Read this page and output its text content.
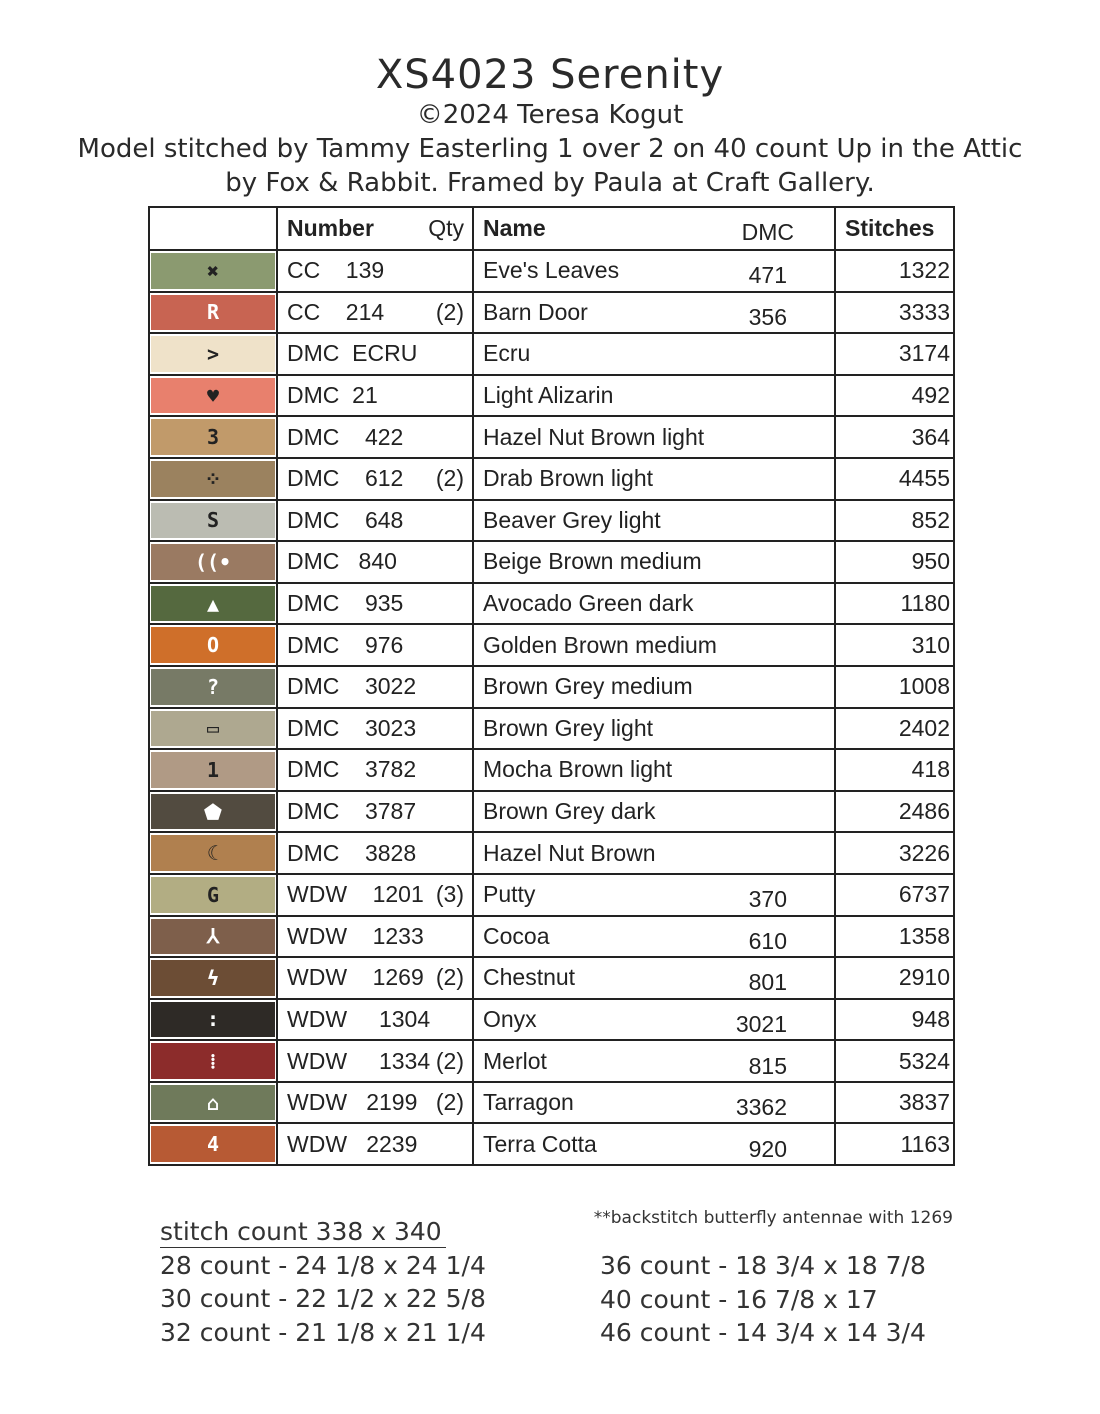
XS4023 Serenity
©2024 Teresa Kogut
Model stitched by Tammy Easterling 1 over 2 on 40 count Up in the Attic
by Fox & Rabbit. Framed by Paula at Craft Gallery.

	Number Qty	Name DMC	Stitches

✖	CC    139	Eve's Leaves 471	1322

R	CC    214 (2)	Barn Door 356	3333

>	DMC  ECRU	Ecru	3174

♥	DMC  21	Light Alizarin	492

3	DMC    422	Hazel Nut Brown light	364

⁘	DMC    612 (2)	Drab Brown light	4455

S	DMC    648	Beaver Grey light	852

((•	DMC   840	Beige Brown medium	950

▲	DMC    935	Avocado Green dark	1180

O	DMC    976	Golden Brown medium	310

?	DMC    3022	Brown Grey medium	1008

▭	DMC    3023	Brown Grey light	2402

1	DMC    3782	Mocha Brown light	418

⬟	DMC    3787	Brown Grey dark	2486

☾	DMC    3828	Hazel Nut Brown	3226

G	WDW    1201 (3)	Putty 370	6737

⅄	WDW    1233	Cocoa 610	1358

ϟ	WDW    1269 (2)	Chestnut 801	2910

:	WDW     1304	Onyx 3021	948

⁞	WDW     1334 (2)	Merlot 815	5324

⌂	WDW   2199 (2)	Tarragon 3362	3837

4	WDW   2239	Terra Cotta 920	1163
stitch count 338 x 340
28 count - 24 1/8 x 24 1/4
30 count - 22 1/2 x 22 5/8
32 count - 21 1/8 x 21 1/4
**backstitch butterfly antennae with 1269
36 count - 18 3/4 x 18 7/8
40 count - 16 7/8 x 17
46 count - 14 3/4 x 14 3/4
